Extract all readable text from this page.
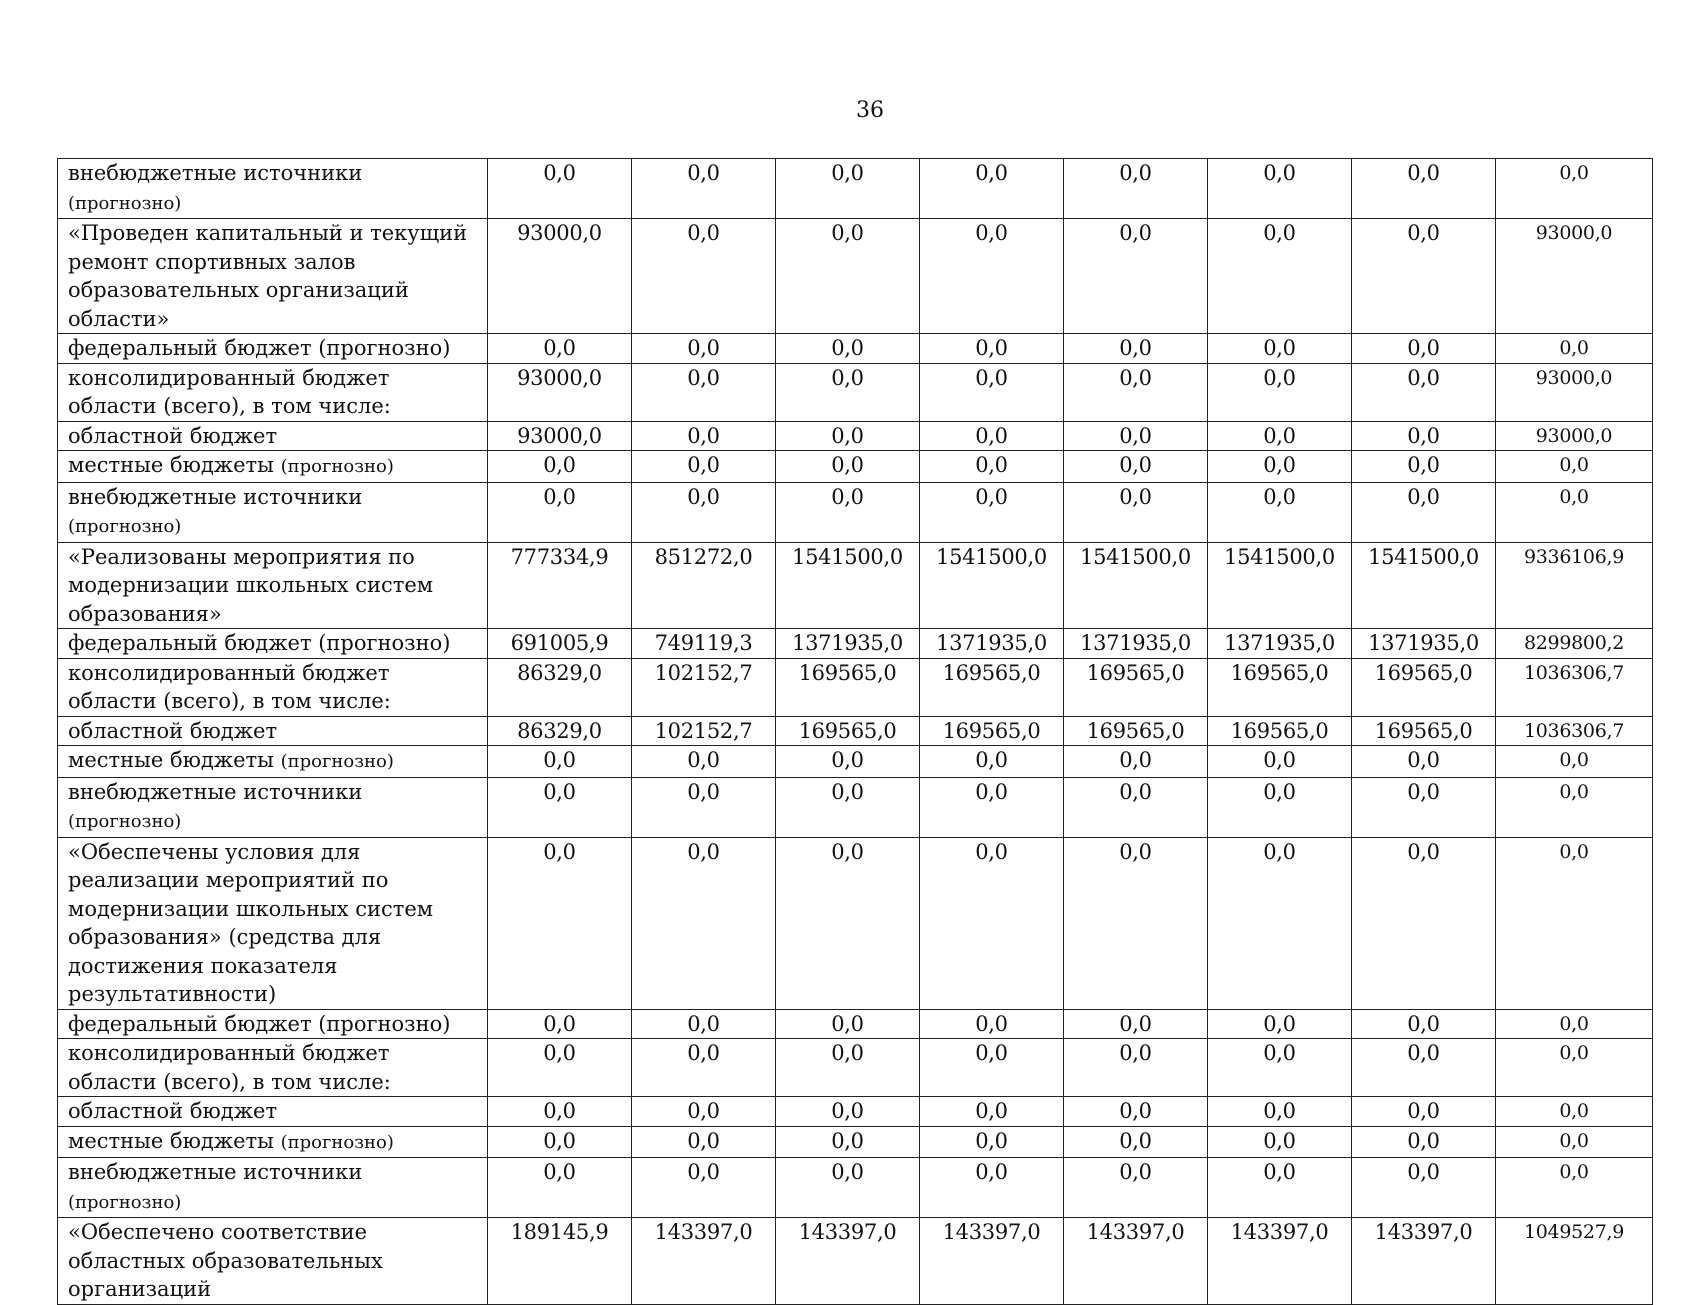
36
внебюджетные источники (прогнозно)	0,0	0,0	0,0	0,0	0,0	0,0	0,0	0,0
«Проведен капитальный и текущий ремонт спортивных залов образовательных организаций области»	93000,0	0,0	0,0	0,0	0,0	0,0	0,0	93000,0
федеральный бюджет (прогнозно)	0,0	0,0	0,0	0,0	0,0	0,0	0,0	0,0
консолидированный бюджет области (всего), в том числе:	93000,0	0,0	0,0	0,0	0,0	0,0	0,0	93000,0
областной бюджет	93000,0	0,0	0,0	0,0	0,0	0,0	0,0	93000,0
местные бюджеты (прогнозно)	0,0	0,0	0,0	0,0	0,0	0,0	0,0	0,0
внебюджетные источники (прогнозно)	0,0	0,0	0,0	0,0	0,0	0,0	0,0	0,0
«Реализованы мероприятия по модернизации школьных систем образования»	777334,9	851272,0	1541500,0	1541500,0	1541500,0	1541500,0	1541500,0	9336106,9
федеральный бюджет (прогнозно)	691005,9	749119,3	1371935,0	1371935,0	1371935,0	1371935,0	1371935,0	8299800,2
консолидированный бюджет области (всего), в том числе:	86329,0	102152,7	169565,0	169565,0	169565,0	169565,0	169565,0	1036306,7
областной бюджет	86329,0	102152,7	169565,0	169565,0	169565,0	169565,0	169565,0	1036306,7
местные бюджеты (прогнозно)	0,0	0,0	0,0	0,0	0,0	0,0	0,0	0,0
внебюджетные источники (прогнозно)	0,0	0,0	0,0	0,0	0,0	0,0	0,0	0,0
«Обеспечены условия для реализации мероприятий по модернизации школьных систем образования» (средства для достижения показателя результативности)	0,0	0,0	0,0	0,0	0,0	0,0	0,0	0,0
федеральный бюджет (прогнозно)	0,0	0,0	0,0	0,0	0,0	0,0	0,0	0,0
консолидированный бюджет области (всего), в том числе:	0,0	0,0	0,0	0,0	0,0	0,0	0,0	0,0
областной бюджет	0,0	0,0	0,0	0,0	0,0	0,0	0,0	0,0
местные бюджеты (прогнозно)	0,0	0,0	0,0	0,0	0,0	0,0	0,0	0,0
внебюджетные источники (прогнозно)	0,0	0,0	0,0	0,0	0,0	0,0	0,0	0,0
«Обеспечено соответствие областных образовательных организаций	189145,9	143397,0	143397,0	143397,0	143397,0	143397,0	143397,0	1049527,9
